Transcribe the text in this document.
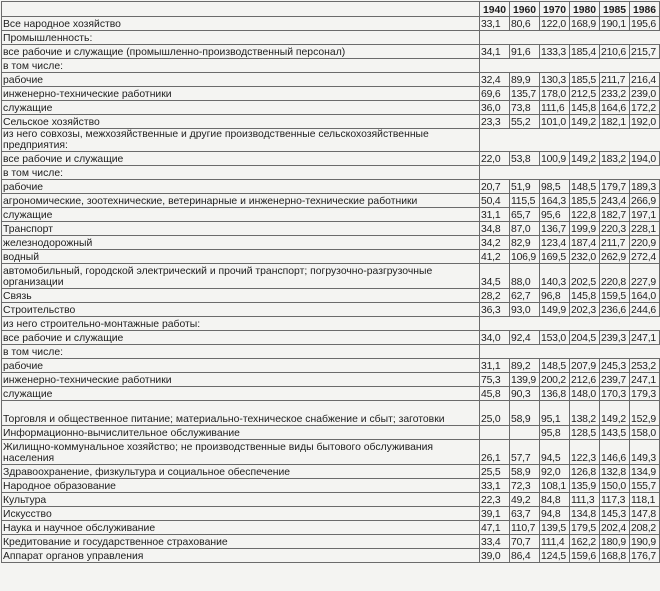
	1940	1960	1970	1980	1985	1986
Все народное хозяйство	33,1	80,6	122,0	168,9	190,1	195,6
Промышленность:						
все рабочие и служащие (промышленно-производственный персонал)	34,1	91,6	133,3	185,4	210,6	215,7
в том числе:						
рабочие	32,4	89,9	130,3	185,5	211,7	216,4
инженерно-технические работники	69,6	135,7	178,0	212,5	233,2	239,0
служащие	36,0	73,8	111,6	145,8	164,6	172,2
Сельское хозяйство	23,3	55,2	101,0	149,2	182,1	192,0
из него совхозы, межхозяйственные и другие производственные сельскохозяйственные предприятия:						
все рабочие и служащие	22,0	53,8	100,9	149,2	183,2	194,0
в том числе:						
рабочие	20,7	51,9	98,5	148,5	179,7	189,3
агрономические, зоотехнические, ветеринарные и инженерно-технические работники	50,4	115,5	164,3	185,5	243,4	266,9
служащие	31,1	65,7	95,6	122,8	182,7	197,1
Транспорт	34,8	87,0	136,7	199,9	220,3	228,1
железнодорожный	34,2	82,9	123,4	187,4	211,7	220,9
водный	41,2	106,9	169,5	232,0	262,9	272,4
автомобильный, городской электрический и прочий транспорт; погрузочно-разгрузочные организации	34,5	88,0	140,3	202,5	220,8	227,9
Связь	28,2	62,7	96,8	145,8	159,5	164,0
Строительство	36,3	93,0	149,9	202,3	236,6	244,6
из него строительно-монтажные работы:						
все рабочие и служащие	34,0	92,4	153,0	204,5	239,3	247,1
в том числе:						
рабочие	31,1	89,2	148,5	207,9	245,3	253,2
инженерно-технические работники	75,3	139,9	200,2	212,6	239,7	247,1
служащие	45,8	90,3	136,8	148,0	170,3	179,3
Торговля и общественное питание; материально-техническое снабжение и сбыт; заготовки	25,0	58,9	95,1	138,2	149,2	152,9
Информационно-вычислительное обслуживание			95,8	128,5	143,5	158,0
Жилищно-коммунальное хозяйство; не производственные виды бытового обслуживания населения	26,1	57,7	94,5	122,3	146,6	149,3
Здравоохранение, физкультура и социальное обеспечение	25,5	58,9	92,0	126,8	132,8	134,9
Народное образование	33,1	72,3	108,1	135,9	150,0	155,7
Культура	22,3	49,2	84,8	111,3	117,3	118,1
Искусство	39,1	63,7	94,8	134,8	145,3	147,8
Наука и научное обслуживание	47,1	110,7	139,5	179,5	202,4	208,2
Кредитование и государственное страхование	33,4	70,7	111,4	162,2	180,9	190,9
Аппарат органов управления	39,0	86,4	124,5	159,6	168,8	176,7
